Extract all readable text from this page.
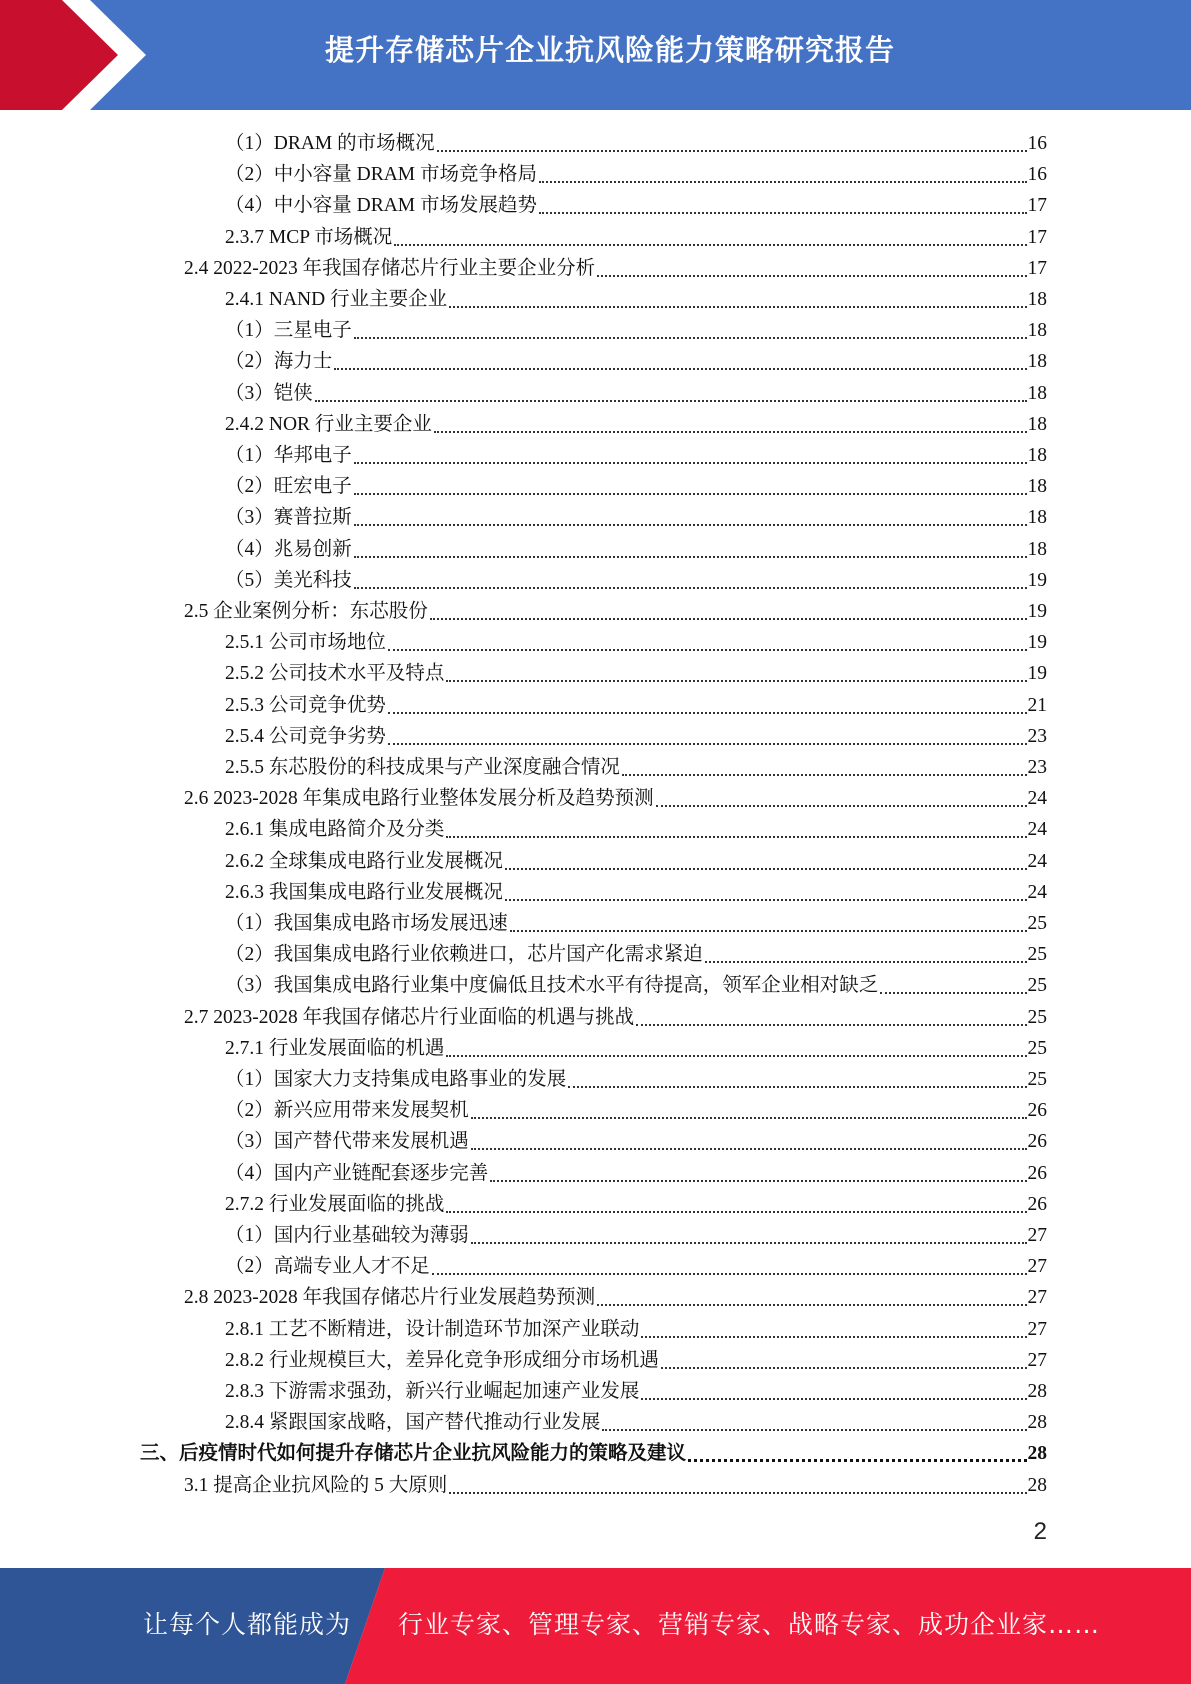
提升存储芯片企业抗风险能力策略研究报告
（1）DRAM 的市场概况	16
（2）中小容量 DRAM 市场竞争格局	16
（4）中小容量 DRAM 市场发展趋势	17
2.3.7 MCP 市场概况	17
2.4 2022-2023 年我国存储芯片行业主要企业分析	17
2.4.1 NAND 行业主要企业	18
（1）三星电子	18
（2）海力士	18
（3）铠侠	18
2.4.2 NOR 行业主要企业	18
（1）华邦电子	18
（2）旺宏电子	18
（3）赛普拉斯	18
（4）兆易创新	18
（5）美光科技	19
2.5 企业案例分析：东芯股份	19
2.5.1 公司市场地位	19
2.5.2 公司技术水平及特点	19
2.5.3 公司竞争优势	21
2.5.4 公司竞争劣势	23
2.5.5 东芯股份的科技成果与产业深度融合情况	23
2.6 2023-2028 年集成电路行业整体发展分析及趋势预测	24
2.6.1 集成电路简介及分类	24
2.6.2 全球集成电路行业发展概况	24
2.6.3 我国集成电路行业发展概况	24
（1）我国集成电路市场发展迅速	25
（2）我国集成电路行业依赖进口，芯片国产化需求紧迫	25
（3）我国集成电路行业集中度偏低且技术水平有待提高，领军企业相对缺乏	25
2.7 2023-2028 年我国存储芯片行业面临的机遇与挑战	25
2.7.1 行业发展面临的机遇	25
（1）国家大力支持集成电路事业的发展	25
（2）新兴应用带来发展契机	26
（3）国产替代带来发展机遇	26
（4）国内产业链配套逐步完善	26
2.7.2 行业发展面临的挑战	26
（1）国内行业基础较为薄弱	27
（2）高端专业人才不足	27
2.8 2023-2028 年我国存储芯片行业发展趋势预测	27
2.8.1 工艺不断精进，设计制造环节加深产业联动	27
2.8.2 行业规模巨大，差异化竞争形成细分市场机遇	27
2.8.3 下游需求强劲，新兴行业崛起加速产业发展	28
2.8.4 紧跟国家战略，国产替代推动行业发展	28
三、后疫情时代如何提升存储芯片企业抗风险能力的策略及建议	28
3.1 提高企业抗风险的 5 大原则	28
2
让每个人都能成为 行业专家、管理专家、营销专家、战略专家、成功企业家……
